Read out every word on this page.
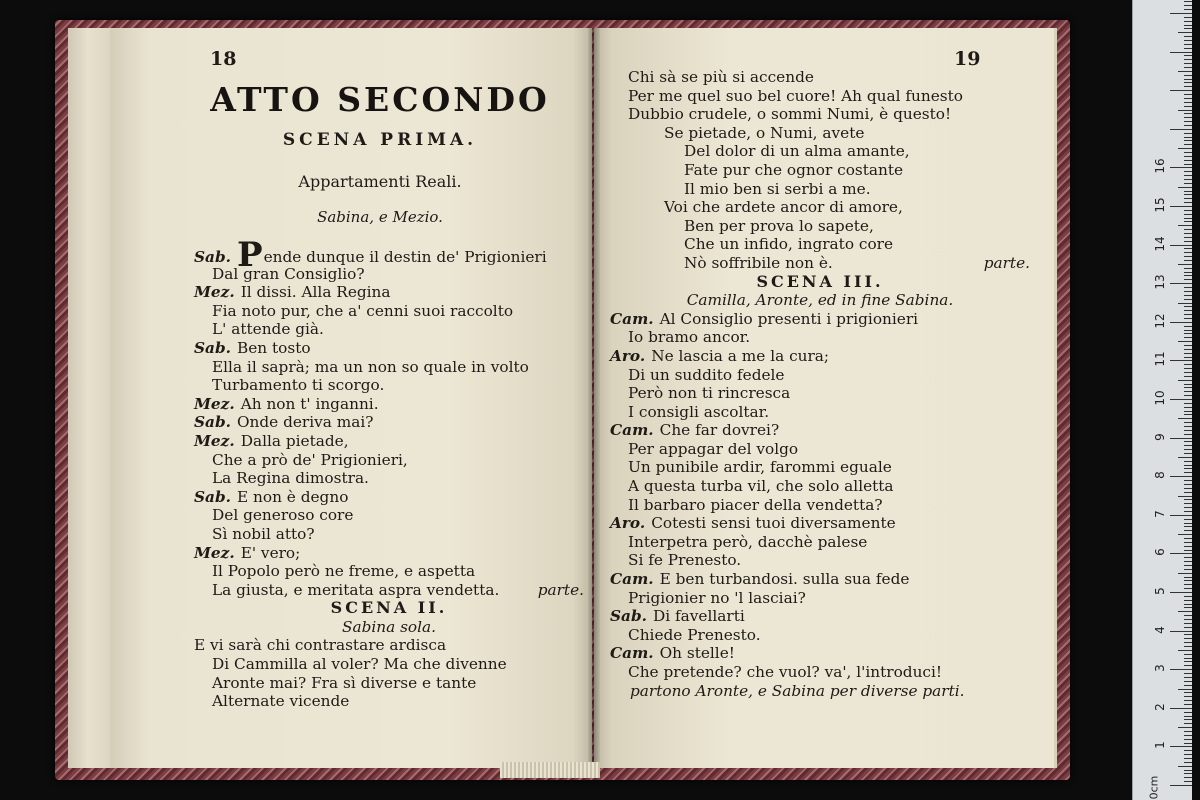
18
ATTO SECONDO
SCENA PRIMA.
Appartamenti Reali.
Sabina, e Mezio.
Sab. Pende dunque il destin de' Prigionieri
Dal gran Consiglio?
Mez. Il dissi. Alla Regina
Fia noto pur, che a' cenni suoi raccolto
L' attende già.
Sab. Ben tosto
Ella il saprà; ma un non so quale in volto
Turbamento ti scorgo.
Mez. Ah non t' inganni.
Sab. Onde deriva mai?
Mez. Dalla pietade,
Che a prò de' Prigionieri,
La Regina dimostra.
Sab. E non è degno
Del generoso core
Sì nobil atto?
Mez. E' vero;
Il Popolo però ne freme, e aspetta
La giusta, e meritata aspra vendetta.	parte.
SCENA II.
Sabina sola.
E vi sarà chi contrastare ardisca
Di Cammilla al voler? Ma che divenne
Aronte mai? Fra sì diverse e tante
Alternate vicende
19
Chi sà se più si accende
Per me quel suo bel cuore! Ah qual funesto
Dubbio crudele, o sommi Numi, è questo!
Se pietade, o Numi, avete
Del dolor di un alma amante,
Fate pur che ognor costante
Il mio ben si serbi a me.
Voi che ardete ancor di amore,
Ben per prova lo sapete,
Che un infido, ingrato core
Nò soffribile non è.	parte.
SCENA III.
Camilla, Aronte, ed in fine Sabina.
Cam. Al Consiglio presenti i prigionieri
Io bramo ancor.
Aro. Ne lascia a me la cura;
Di un suddito fedele
Però non ti rincresca
I consigli ascoltar.
Cam. Che far dovrei?
Per appagar del volgo
Un punibile ardir, farommi eguale
A questa turba vil, che solo alletta
Il barbaro piacer della vendetta?
Aro. Cotesti sensi tuoi diversamente
Interpetra però, dacchè palese
Si fe Prenesto.
Cam. E ben turbandosi. sulla sua fede
Prigionier no 'l lasciai?
Sab. Di favellarti
Chiede Prenesto.
Cam. Oh stelle!
Che pretende? che vuol? va', l'introduci!
partono Aronte, e Sabina per diverse parti.
0cm
1
2
3
4
5
6
7
8
9
10
11
12
13
14
15
16
